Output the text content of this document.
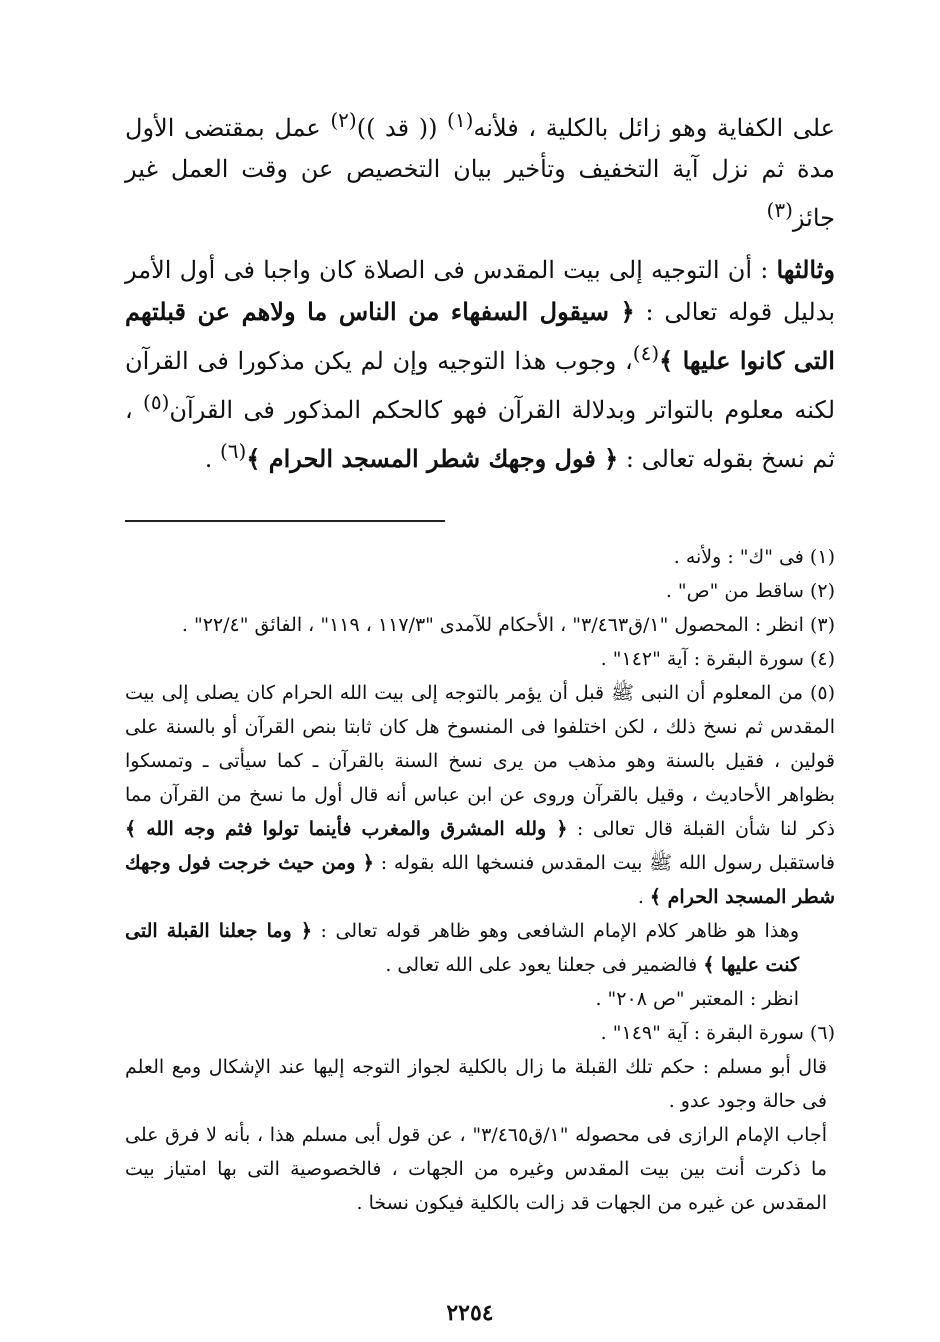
على الكفاية وهو زائل بالكلية ، فلأنه$^{(١)}$ (( قد ))$^{(٢)}$ عمل بمقتضى الأول مدة ثم نزل آية التخفيف وتأخير بيان التخصيص عن وقت العمل غير جائز$^{(٣)}$

وثالثها : أن التوجيه إلى بيت المقدس فى الصلاة كان واجبا فى أول الأمر بدليل قوله تعالى : ﴿ سيقول السفهاء من الناس ما ولاهم عن قبلتهم التى كانوا عليها ﴾$^{(٤)}$، وجوب هذا التوجيه وإن لم يكن مذكورا فى القرآن لكنه معلوم بالتواتر وبدلالة القرآن فهو كالحكم المذكور فى القرآن$^{(٥)}$ ، ثم نسخ بقوله تعالى : ﴿ فول وجهك شطر المسجد الحرام ﴾$^{(٦)}$ .

(١) فى "ك" : ولأنه .

(٢) ساقط من "ص" .

(٣) انظر : المحصول "١/ق٣/٤٦٣" ، الأحكام للآمدى "١١٧/٣ ، ١١٩" ، الفائق "٢٢/٤" .

(٤) سورة البقرة : آية "١٤٢" .

(٥) من المعلوم أن النبى ﷺ قبل أن يؤمر بالتوجه إلى بيت الله الحرام كان يصلى إلى بيت المقدس ثم نسخ ذلك ، لكن اختلفوا فى المنسوخ هل كان ثابتا بنص القرآن أو بالسنة على قولين ، فقيل بالسنة وهو مذهب من يرى نسخ السنة بالقرآن ـ كما سيأتى ـ وتمسكوا بظواهر الأحاديث ، وقيل بالقرآن وروى عن ابن عباس أنه قال أول ما نسخ من القرآن مما ذكر لنا شأن القبلة قال تعالى : ﴿ ولله المشرق والمغرب فأينما تولوا فثم وجه الله ﴾ فاستقبل رسول الله ﷺ بيت المقدس فنسخها الله بقوله : ﴿ ومن حيث خرجت فول وجهك شطر المسجد الحرام ﴾ .

وهذا هو ظاهر كلام الإمام الشافعى وهو ظاهر قوله تعالى : ﴿ وما جعلنا القبلة التى كنت عليها ﴾ فالضمير فى جعلنا يعود على الله تعالى .

انظر : المعتبر "ص ٢٠٨" .

(٦) سورة البقرة : آية "١٤٩" .

قال أبو مسلم : حكم تلك القبلة ما زال بالكلية لجواز التوجه إليها عند الإشكال ومع العلم فى حالة وجود عدو .

أجاب الإمام الرازى فى محصوله "١/ق٣/٤٦٥" ، عن قول أبى مسلم هذا ، بأنه لا فرق على ما ذكرت أنت بين بيت المقدس وغيره من الجهات ، فالخصوصية التى بها امتياز بيت المقدس عن غيره من الجهات قد زالت بالكلية فيكون نسخا .

٢٢٥٤
